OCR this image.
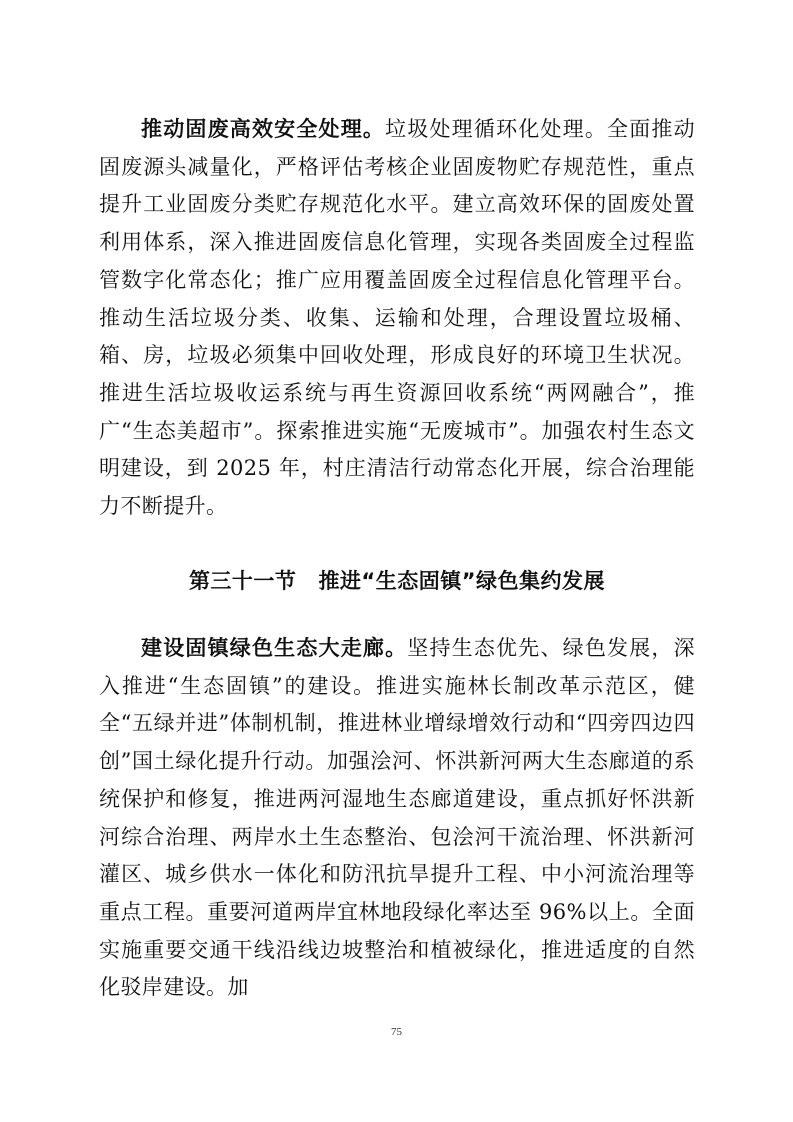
推动固废高效安全处理。垃圾处理循环化处理。全面推动固废源头减量化，严格评估考核企业固废物贮存规范性，重点提升工业固废分类贮存规范化水平。建立高效环保的固废处置利用体系，深入推进固废信息化管理，实现各类固废全过程监管数字化常态化；推广应用覆盖固废全过程信息化管理平台。推动生活垃圾分类、收集、运输和处理，合理设置垃圾桶、箱、房，垃圾必须集中回收处理，形成良好的环境卫生状况。推进生活垃圾收运系统与再生资源回收系统“两网融合”，推广“生态美超市”。探索推进实施“无废城市”。加强农村生态文明建设，到 2025 年，村庄清洁行动常态化开展，综合治理能力不断提升。

第三十一节 推进“生态固镇”绿色集约发展

建设固镇绿色生态大走廊。坚持生态优先、绿色发展，深入推进“生态固镇”的建设。推进实施林长制改革示范区，健全“五绿并进”体制机制，推进林业增绿增效行动和“四旁四边四创”国土绿化提升行动。加强浍河、怀洪新河两大生态廊道的系统保护和修复，推进两河湿地生态廊道建设，重点抓好怀洪新河综合治理、两岸水土生态整治、包浍河干流治理、怀洪新河灌区、城乡供水一体化和防汛抗旱提升工程、中小河流治理等重点工程。重要河道两岸宜林地段绿化率达至 96%以上。全面实施重要交通干线沿线边坡整治和植被绿化，推进适度的自然化驳岸建设。加

75
